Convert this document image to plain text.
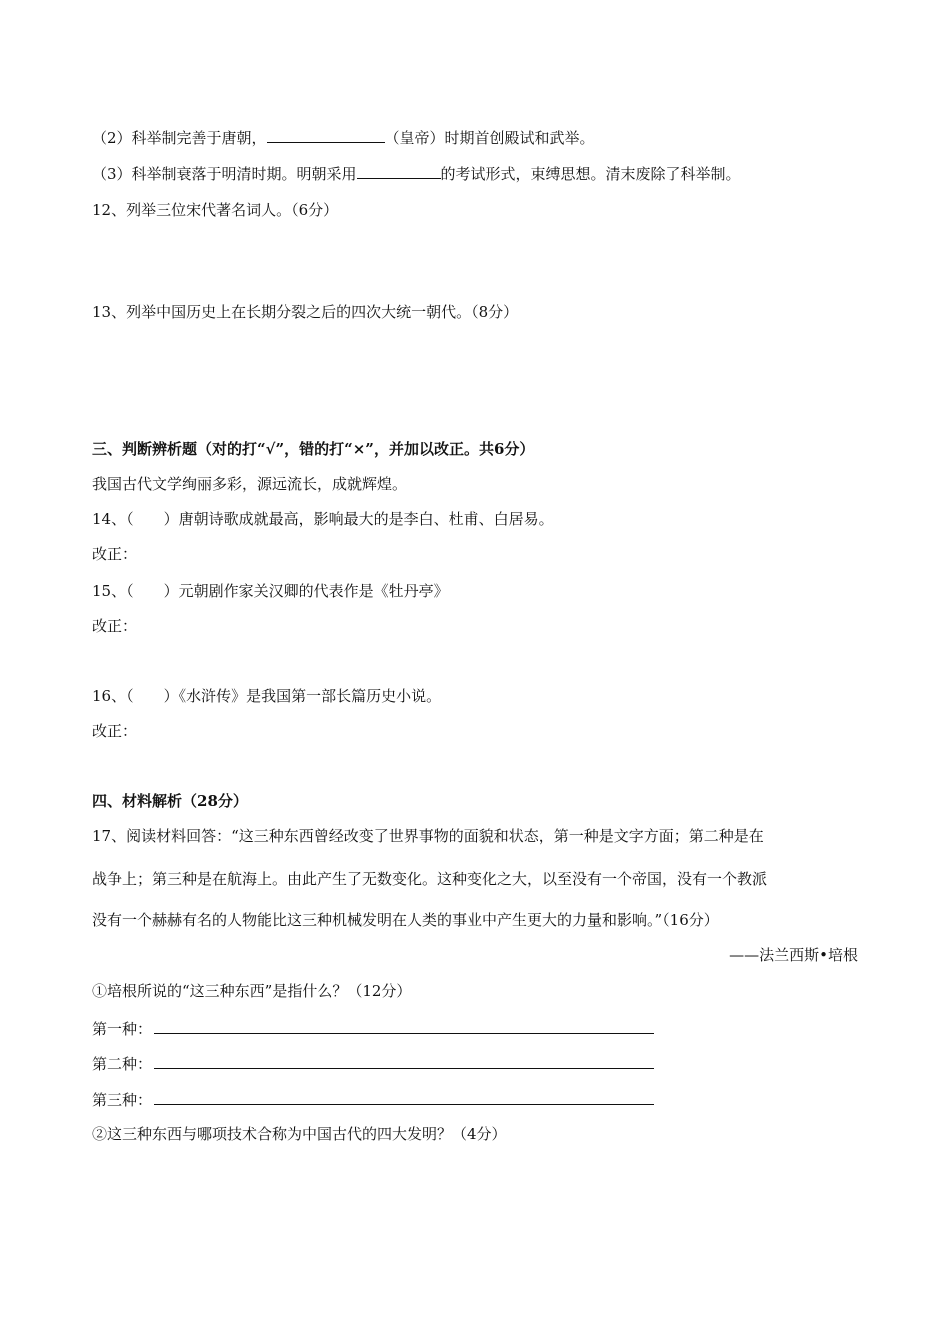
（2）科举制完善于唐朝，	（皇帝）时期首创殿试和武举。
（3）科举制衰落于明清时期。明朝采用	的考试形式，束缚思想。清末废除了科举制。
12、列举三位宋代著名词人。（6分）
13、列举中国历史上在长期分裂之后的四次大统一朝代。（8分）
三、判断辨析题（对的打“√”，错的打“×”，并加以改正。共6分）
我国古代文学绚丽多彩，源远流长，成就辉煌。
14、（　　）唐朝诗歌成就最高，影响最大的是李白、杜甫、白居易。
改正：
15、（　　）元朝剧作家关汉卿的代表作是《牡丹亭》
改正：
16、（　　）《水浒传》是我国第一部长篇历史小说。
改正：
四、材料解析（28分）
17、阅读材料回答：“这三种东西曾经改变了世界事物的面貌和状态，第一种是文字方面；第二种是在
战争上；第三种是在航海上。由此产生了无数变化。这种变化之大，以至没有一个帝国，没有一个教派
没有一个赫赫有名的人物能比这三种机械发明在人类的事业中产生更大的力量和影响。”（16分）
——法兰西斯•培根
①培根所说的“这三种东西”是指什么？（12分）
第一种：
第二种：
第三种：
②这三种东西与哪项技术合称为中国古代的四大发明？（4分）
